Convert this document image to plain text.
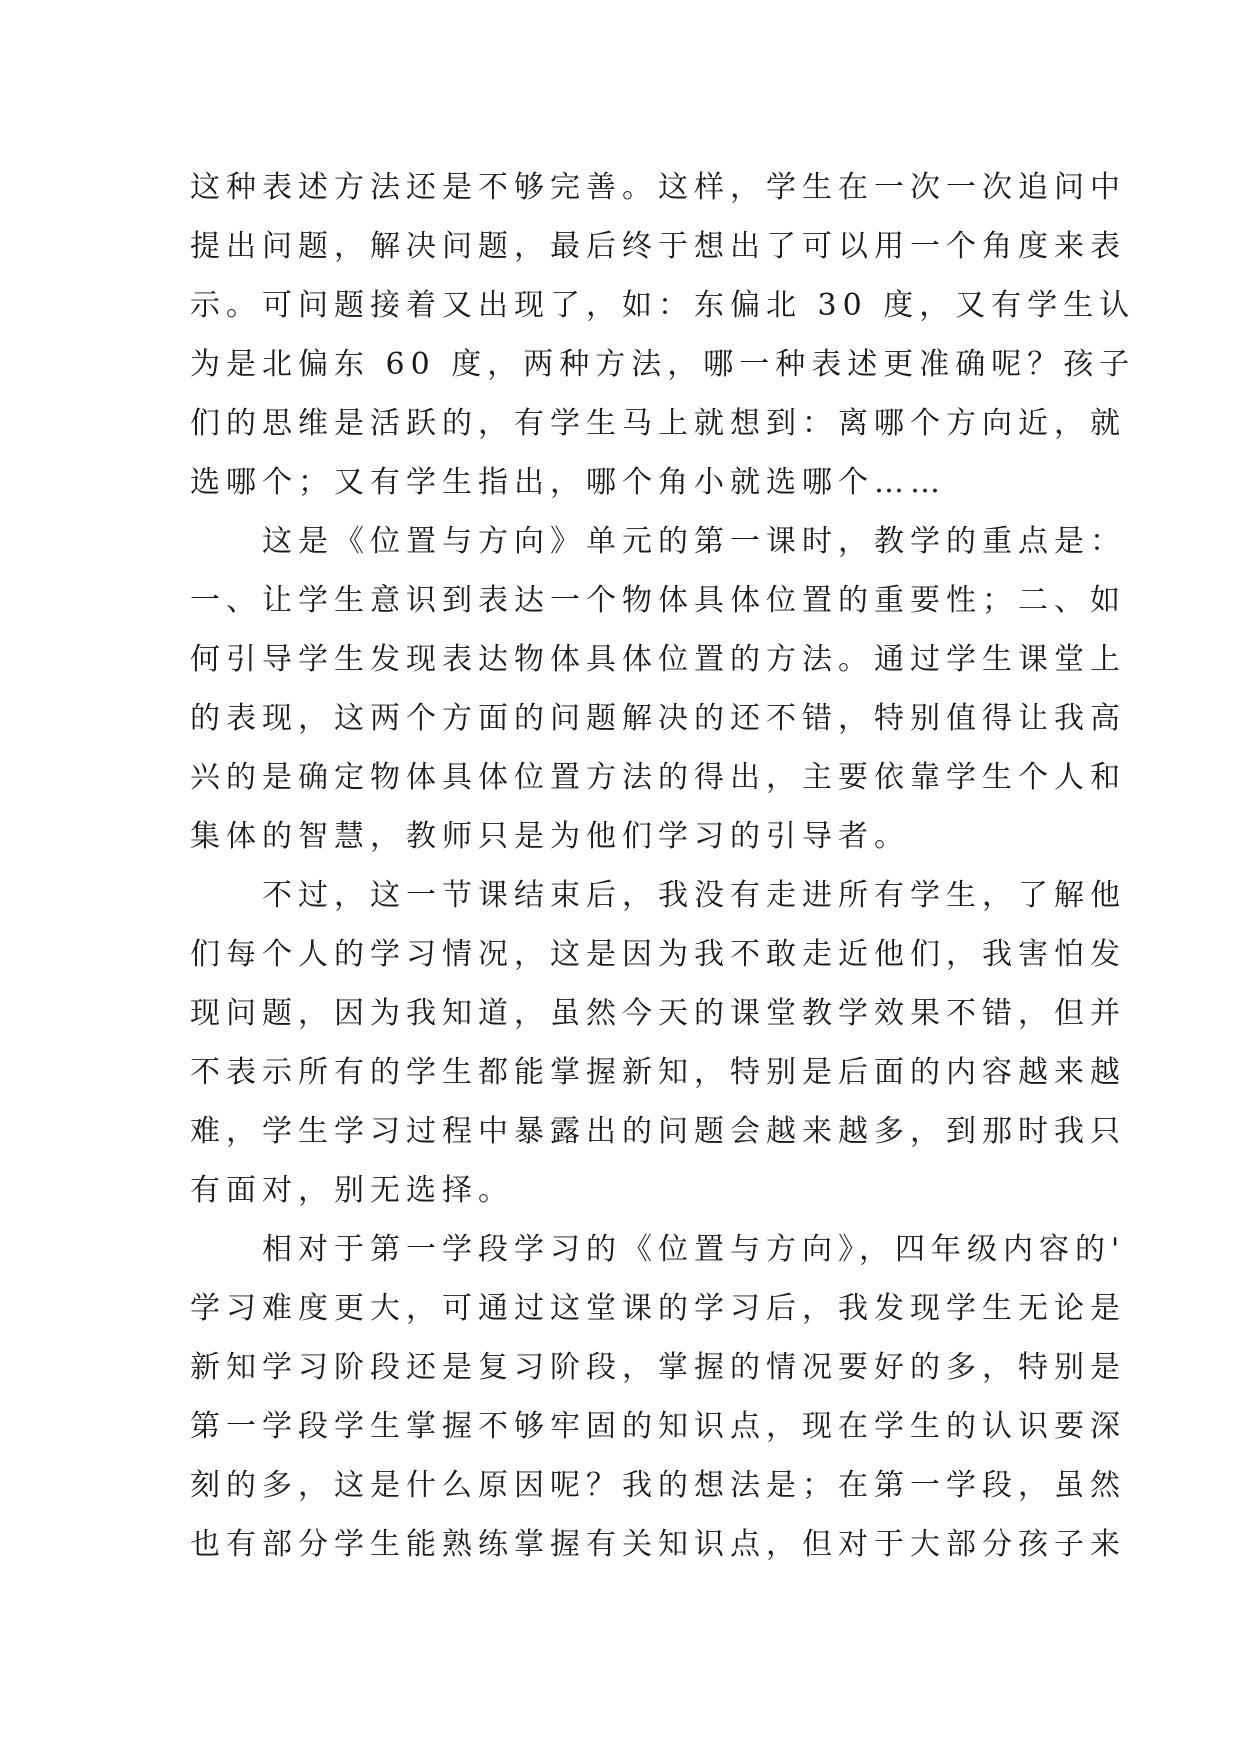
这种表述方法还是不够完善。这样，学生在一次一次追问中
提出问题，解决问题，最后终于想出了可以用一个角度来表
示。可问题接着又出现了，如：东偏北 30 度，又有学生认
为是北偏东 60 度，两种方法，哪一种表述更准确呢？孩子
们的思维是活跃的，有学生马上就想到：离哪个方向近，就
选哪个；又有学生指出，哪个角小就选哪个……
　　这是《位置与方向》单元的第一课时，教学的重点是：
一、让学生意识到表达一个物体具体位置的重要性；二、如
何引导学生发现表达物体具体位置的方法。通过学生课堂上
的表现，这两个方面的问题解决的还不错，特别值得让我高
兴的是确定物体具体位置方法的得出，主要依靠学生个人和
集体的智慧，教师只是为他们学习的引导者。
　　不过，这一节课结束后，我没有走进所有学生，了解他
们每个人的学习情况，这是因为我不敢走近他们，我害怕发
现问题，因为我知道，虽然今天的课堂教学效果不错，但并
不表示所有的学生都能掌握新知，特别是后面的内容越来越
难，学生学习过程中暴露出的问题会越来越多，到那时我只
有面对，别无选择。
　　相对于第一学段学习的《位置与方向》，四年级内容的'
学习难度更大，可通过这堂课的学习后，我发现学生无论是
新知学习阶段还是复习阶段，掌握的情况要好的多，特别是
第一学段学生掌握不够牢固的知识点，现在学生的认识要深
刻的多，这是什么原因呢？我的想法是；在第一学段，虽然
也有部分学生能熟练掌握有关知识点，但对于大部分孩子来
